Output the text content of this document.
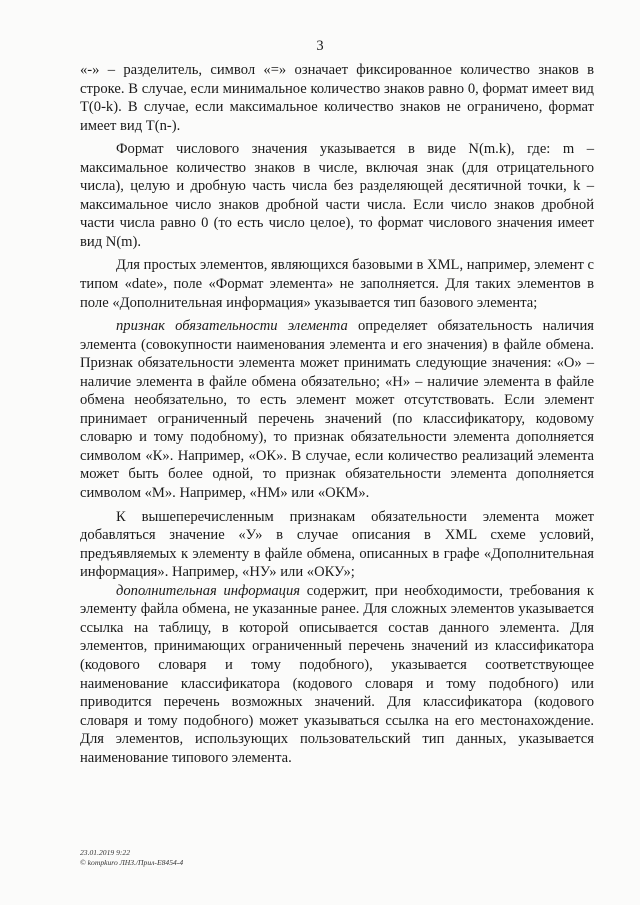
3

«-» – разделитель, символ «=» означает фиксированное количество знаков в строке. В случае, если минимальное количество знаков равно 0, формат имеет вид T(0-k). В случае, если максимальное количество знаков не ограничено, формат имеет вид T(n-).

Формат числового значения указывается в виде N(m.k), где: m – максимальное количество знаков в числе, включая знак (для отрицательного числа), целую и дробную часть числа без разделяющей десятичной точки, k – максимальное число знаков дробной части числа. Если число знаков дробной части числа равно 0 (то есть число целое), то формат числового значения имеет вид N(m).

Для простых элементов, являющихся базовыми в XML, например, элемент с типом «date», поле «Формат элемента» не заполняется. Для таких элементов в поле «Дополнительная информация» указывается тип базового элемента;

признак обязательности элемента определяет обязательность наличия элемента (совокупности наименования элемента и его значения) в файле обмена. Признак обязательности элемента может принимать следующие значения: «О» – наличие элемента в файле обмена обязательно; «Н» – наличие элемента в файле обмена необязательно, то есть элемент может отсутствовать. Если элемент принимает ограниченный перечень значений (по классификатору, кодовому словарю и тому подобному), то признак обязательности элемента дополняется символом «К». Например, «ОК». В случае, если количество реализаций элемента может быть более одной, то признак обязательности элемента дополняется символом «М». Например, «НМ» или «ОКМ».

К вышеперечисленным признакам обязательности элемента может добавляться значение «У» в случае описания в XML схеме условий, предъявляемых к элементу в файле обмена, описанных в графе «Дополнительная информация». Например, «НУ» или «ОКУ»;

дополнительная информация содержит, при необходимости, требования к элементу файла обмена, не указанные ранее. Для сложных элементов указывается ссылка на таблицу, в которой описывается состав данного элемента. Для элементов, принимающих ограниченный перечень значений из классификатора (кодового словаря и тому подобного), указывается соответствующее наименование классификатора (кодового словаря и тому подобного) или приводится перечень возможных значений. Для классификатора (кодового словаря и тому подобного) может указываться ссылка на его местонахождение. Для элементов, использующих пользовательский тип данных, указывается наименование типового элемента.

23.01.2019 9:22
© kompkuro ЛНЗ./Прил-Е8454-4
